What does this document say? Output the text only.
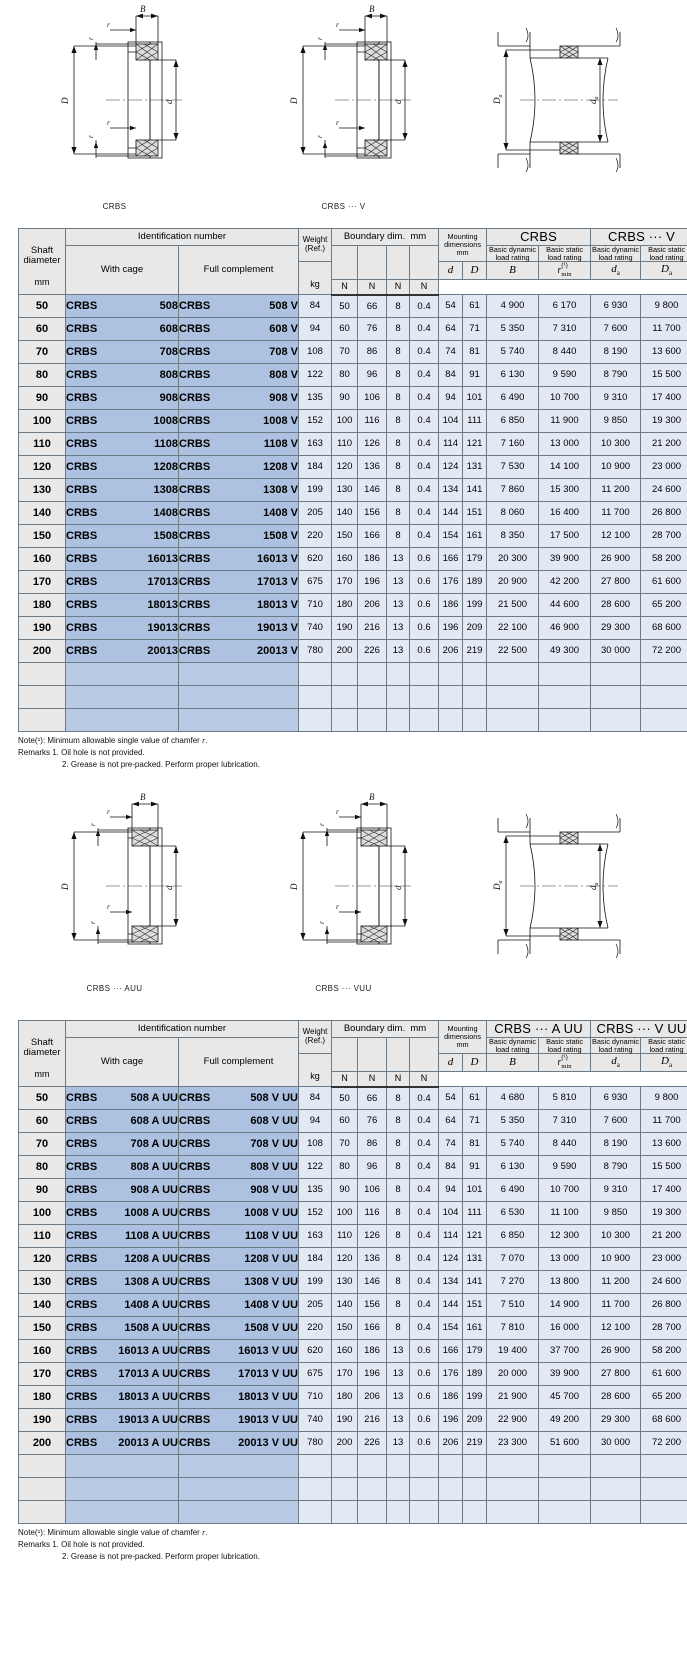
B
D	d
r
r
r
r
CRBS
B
D	d
r
r
r
r
CRBS ··· V
$D_a$
$d_a$
Shaft
diameter
mm
	Identification number	Weight
(Ref.)
	Boundary dim. mm	Mounting
dimensions
mm
	CRBS	CRBS ··· V
With cage	Full complement					
Basic dynamic
load rating

Basic static
load rating

Basic dynamic
load rating

Basic static
load rating

			kg					d	D	B	(¹)
$r_{min}$	$d_a$	$D_a$				
				N	N	N	N							
50	CRBS 508	CRBS 508 V	84	50	66	8	0.4	54	61	4 900	6 170	6 930	9 800	
60	CRBS 608	CRBS 608 V	94	60	76	8	0.4	64	71	5 350	7 310	7 600	11 700	
70	CRBS 708	CRBS 708 V	108	70	86	8	0.4	74	81	5 740	8 440	8 190	13 600	
80	CRBS 808	CRBS 808 V	122	80	96	8	0.4	84	91	6 130	9 590	8 790	15 500	
90	CRBS 908	CRBS 908 V	135	90	106	8	0.4	94	101	6 490	10 700	9 310	17 400	
100	CRBS 1008	CRBS 1008 V	152	100	116	8	0.4	104	111	6 850	11 900	9 850	19 300	
110	CRBS 1108	CRBS 1108 V	163	110	126	8	0.4	114	121	7 160	13 000	10 300	21 200	
120	CRBS 1208	CRBS 1208 V	184	120	136	8	0.4	124	131	7 530	14 100	10 900	23 000	
130	CRBS 1308	CRBS 1308 V	199	130	146	8	0.4	134	141	7 860	15 300	11 200	24 600	
140	CRBS 1408	CRBS 1408 V	205	140	156	8	0.4	144	151	8 060	16 400	11 700	26 800	
150	CRBS 1508	CRBS 1508 V	220	150	166	8	0.4	154	161	8 350	17 500	12 100	28 700	
160	CRBS 16013	CRBS 16013 V	620	160	186	13	0.6	166	179	20 300	39 900	26 900	58 200	
170	CRBS 17013	CRBS 17013 V	675	170	196	13	0.6	176	189	20 900	42 200	27 800	61 600	
180	CRBS 18013	CRBS 18013 V	710	180	206	13	0.6	186	199	21 500	44 600	28 600	65 200	
190	CRBS 19013	CRBS 19013 V	740	190	216	13	0.6	196	209	22 100	46 900	29 300	68 600	
200	CRBS 20013	CRBS 20013 V	780	200	226	13	0.6	206	219	22 500	49 300	30 000	72 200	

Note(¹): Minimum allowable single value of chamfer r.
Remarks 1. Oil hole is not provided.
2. Grease is not pre-packed. Perform proper lubrication.
B
D	d
r
r
r
r
CRBS ··· AUU
B
D	d
r
r
r
r
CRBS ··· VUU
$D_a$
$d_a$
Shaft
diameter
mm
	Identification number	Weight
(Ref.)
	Boundary dim. mm	Mounting
dimensions
mm
	CRBS ··· A UU	CRBS ··· V UU
With cage	Full complement					
Basic dynamic
load rating

Basic static
load rating

Basic dynamic
load rating

Basic static
load rating

			kg					d	D	B	(¹)
$r_{min}$	$d_a$	$D_a$				
				N	N	N	N							
50	CRBS 508 A UU	CRBS 508 V UU	84	50	66	8	0.4	54	61	4 680	5 810	6 930	9 800	
60	CRBS 608 A UU	CRBS 608 V UU	94	60	76	8	0.4	64	71	5 350	7 310	7 600	11 700	
70	CRBS 708 A UU	CRBS 708 V UU	108	70	86	8	0.4	74	81	5 740	8 440	8 190	13 600	
80	CRBS 808 A UU	CRBS 808 V UU	122	80	96	8	0.4	84	91	6 130	9 590	8 790	15 500	
90	CRBS 908 A UU	CRBS 908 V UU	135	90	106	8	0.4	94	101	6 490	10 700	9 310	17 400	
100	CRBS 1008 A UU	CRBS 1008 V UU	152	100	116	8	0.4	104	111	6 530	11 100	9 850	19 300	
110	CRBS 1108 A UU	CRBS 1108 V UU	163	110	126	8	0.4	114	121	6 850	12 300	10 300	21 200	
120	CRBS 1208 A UU	CRBS 1208 V UU	184	120	136	8	0.4	124	131	7 070	13 000	10 900	23 000	
130	CRBS 1308 A UU	CRBS 1308 V UU	199	130	146	8	0.4	134	141	7 270	13 800	11 200	24 600	
140	CRBS 1408 A UU	CRBS 1408 V UU	205	140	156	8	0.4	144	151	7 510	14 900	11 700	26 800	
150	CRBS 1508 A UU	CRBS 1508 V UU	220	150	166	8	0.4	154	161	7 810	16 000	12 100	28 700	
160	CRBS 16013 A UU	CRBS 16013 V UU	620	160	186	13	0.6	166	179	19 400	37 700	26 900	58 200	
170	CRBS 17013 A UU	CRBS 17013 V UU	675	170	196	13	0.6	176	189	20 000	39 900	27 800	61 600	
180	CRBS 18013 A UU	CRBS 18013 V UU	710	180	206	13	0.6	186	199	21 900	45 700	28 600	65 200	
190	CRBS 19013 A UU	CRBS 19013 V UU	740	190	216	13	0.6	196	209	22 900	49 200	29 300	68 600	
200	CRBS 20013 A UU	CRBS 20013 V UU	780	200	226	13	0.6	206	219	23 300	51 600	30 000	72 200	

Note(¹): Minimum allowable single value of chamfer r.
Remarks 1. Oil hole is not provided.
2. Grease is not pre-packed. Perform proper lubrication.
